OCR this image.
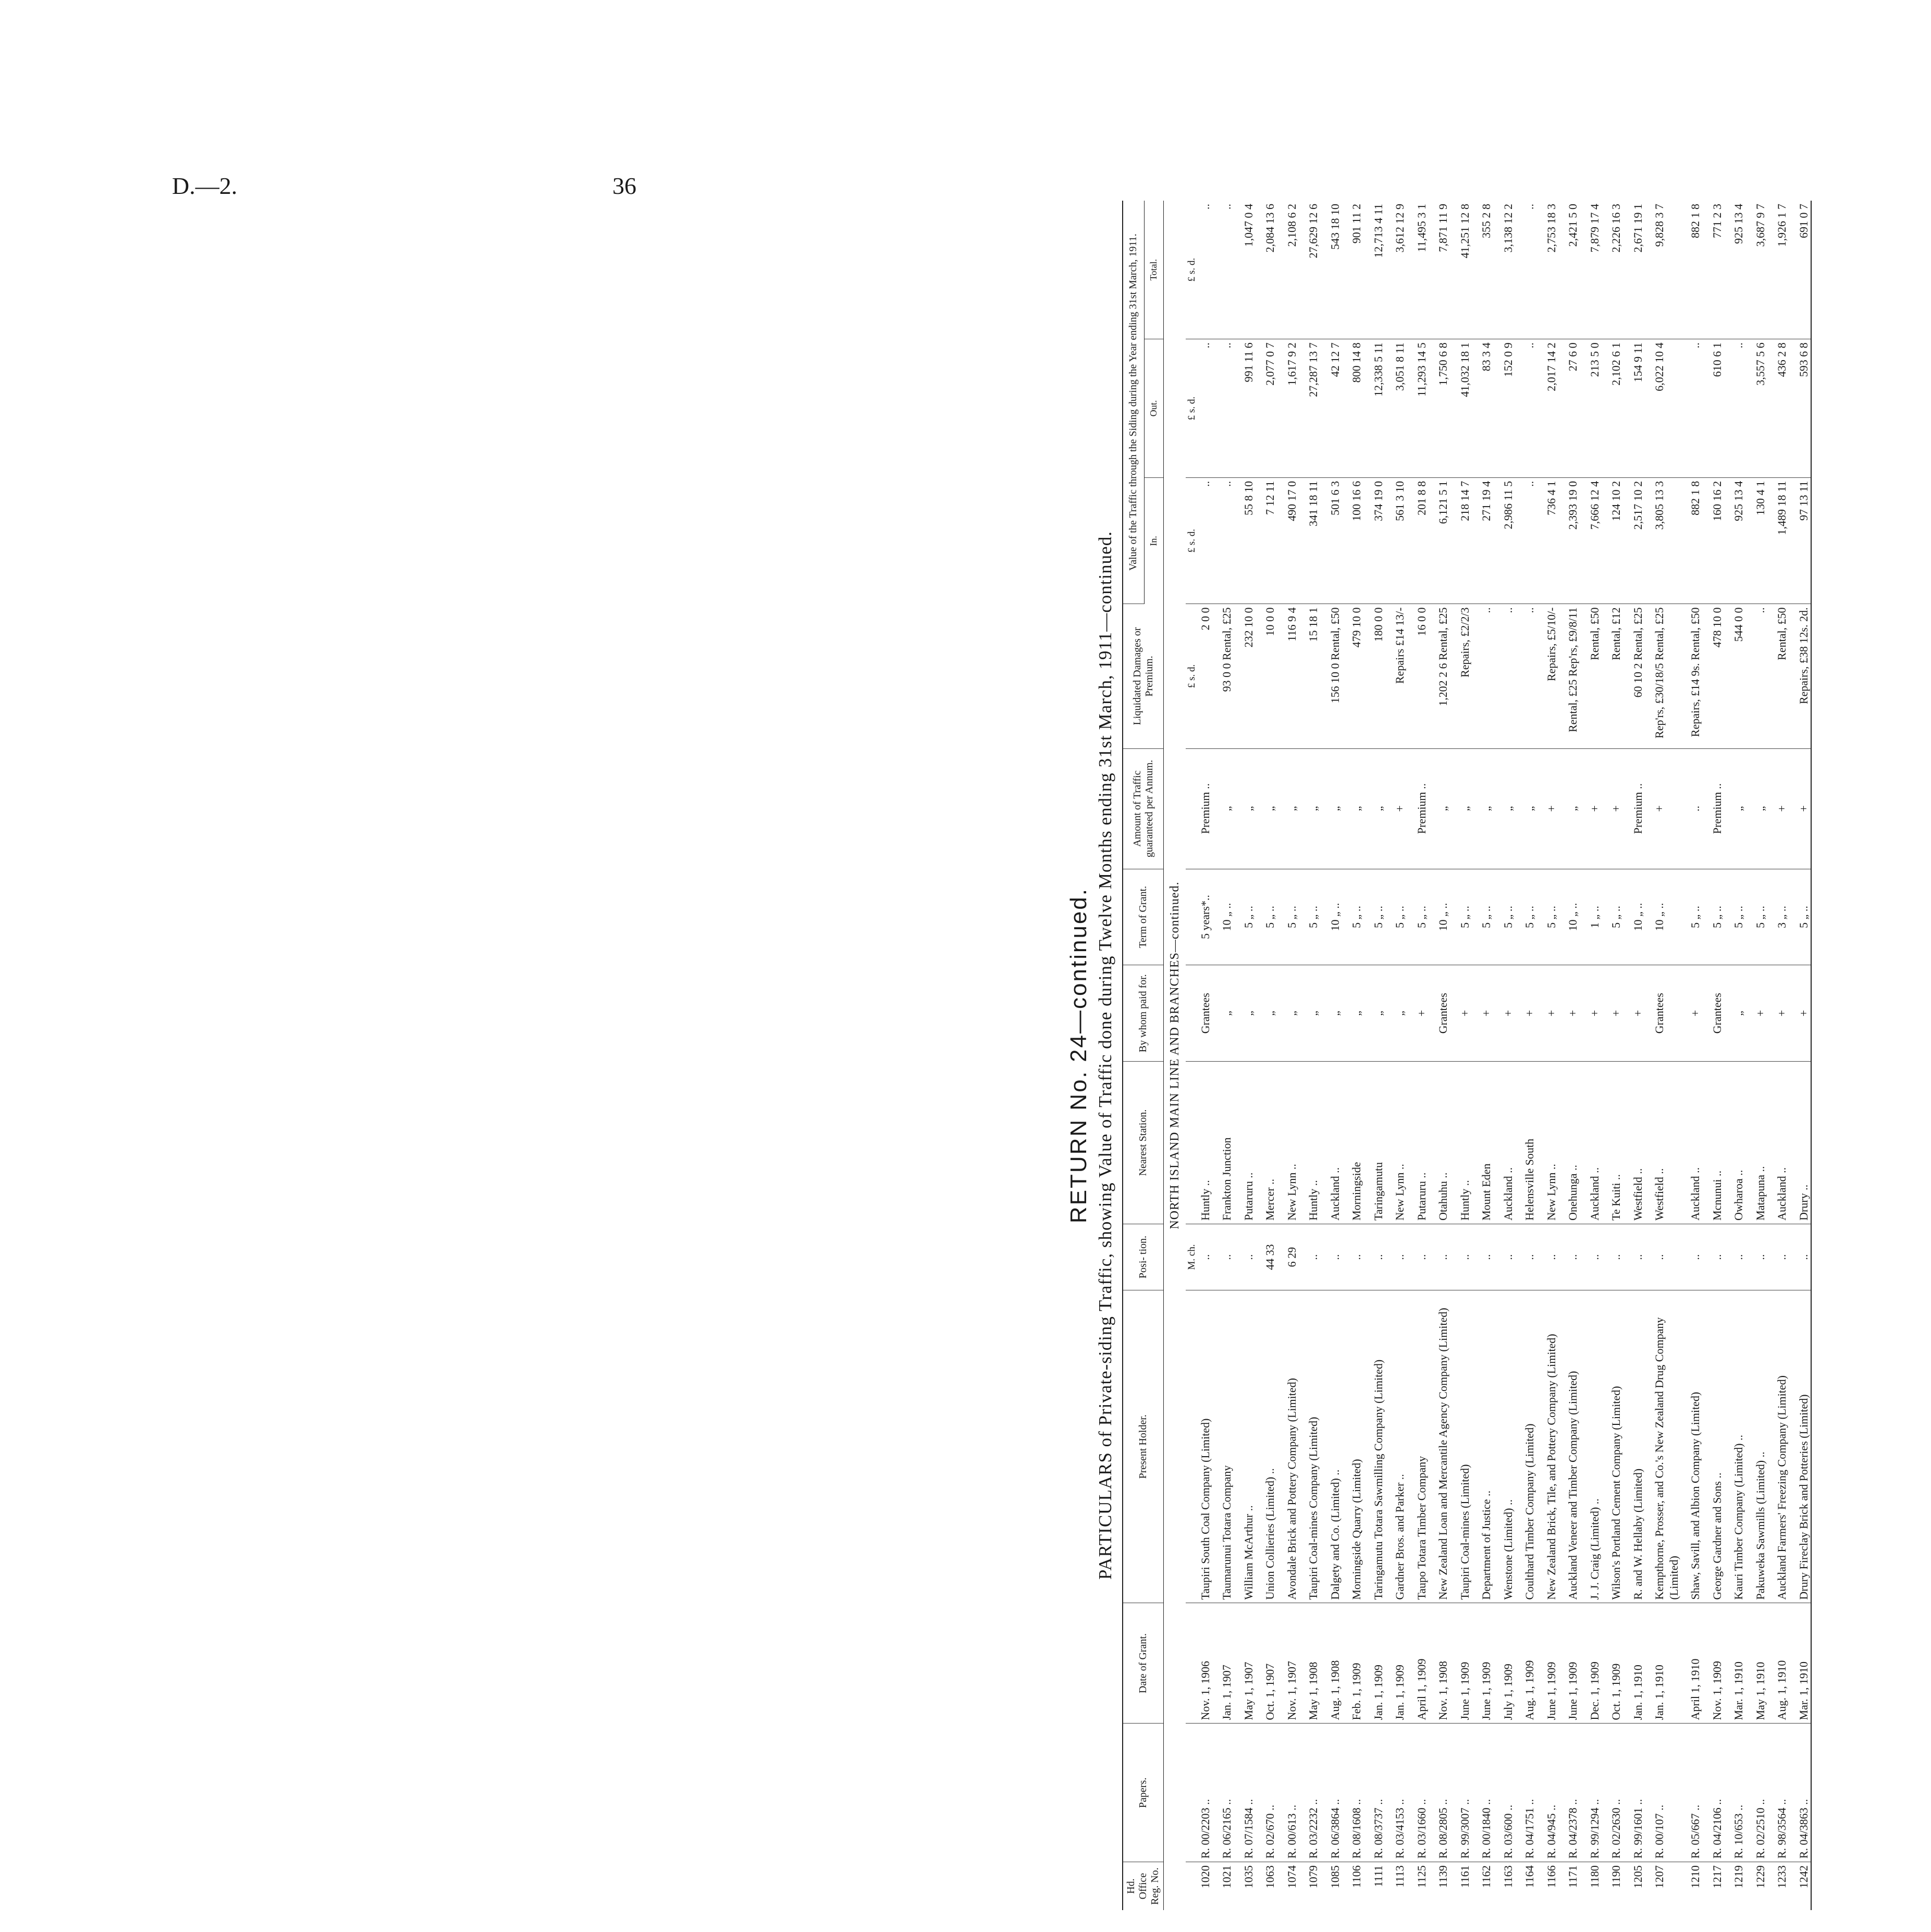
D.—2.	36

RETURN No. 24—continued. PARTICULARS of Private-siding Traffic, showing Value of Traffic done during Twelve Months ending 31st March, 1911—continued.

Hd. Office Reg. No.	Papers.	Date of Grant.	Present Holder.	Posi- tion.	Nearest Station.	By whom paid for.	Term of Grant.	Amount of Traffic guaranteed per Annum.	Liquidated Damages or Premium.	Value of the Traffic through the Siding during the Year ending 31st March, 1911.		
										In.	Out.	Total.
NORTH ISLAND MAIN LINE AND BRANCHES—continued.												
				M. ch.					£ s. d.	£ s. d.	£ s. d.	£ s. d.
1020	R. 00/2203 ..	Nov. 1, 1906	Taupiri South Coal Company (Limited)	..	Huntly ..	Grantees	5 years*..	Premium ..	2 0 0	..	..	..

1021	R. 06/2165 ..	Jan. 1, 1907	Taumarunui Totara Company	..	Frankton Junction	„	10 „ ..	„	93 0 0 Rental, £25	..	..	..

1035	R. 07/1584 ..	May 1, 1907	William McArthur ..	..	Putaruru ..	„	5 „ ..	„	232 10 0	55 8 10	991 11 6	1,047 0 4

1063	R. 02/670 ..	Oct. 1, 1907	Union Collieries (Limited) ..	44 33	Mercer ..	„	5 „ ..	„	10 0 0	7 12 11	2,077 0 7	2,084 13 6

1074	R. 00/613 ..	Nov. 1, 1907	Avondale Brick and Pottery Company (Limited)	6 29	New Lynn ..	„	5 „ ..	„	116 9 4	490 17 0	1,617 9 2	2,108 6 2

1079	R. 03/2232 ..	May 1, 1908	Taupiri Coal-mines Company (Limited)	..	Huntly ..	„	5 „ ..	„	15 18 1	341 18 11	27,287 13 7	27,629 12 6

1085	R. 06/3864 ..	Aug. 1, 1908	Dalgety and Co. (Limited) ..	..	Auckland ..	„	10 „ ..	„	156 10 0 Rental, £50	501 6 3	42 12 7	543 18 10

1106	R. 08/1608 ..	Feb. 1, 1909	Morningside Quarry (Limited)	..	Morningside	„	5 „ ..	„	479 10 0	100 16 6	800 14 8	901 11 2

1111	R. 08/3737 ..	Jan. 1, 1909	Taringamutu Totara Sawmilling Company (Limited)	..	Taringamutu	„	5 „ ..	„	180 0 0	374 19 0	12,338 5 11	12,713 4 11

1113	R. 03/4153 ..	Jan. 1, 1909	Gardner Bros. and Parker ..	..	New Lynn ..	„	5 „ ..	+	Repairs £14 13/-	561 3 10	3,051 8 11	3,612 12 9

1125	R. 03/1660 ..	April 1, 1909	Taupo Totara Timber Company	..	Putaruru ..	+	5 „ ..	Premium ..	16 0 0	201 8 8	11,293 14 5	11,495 3 1

1139	R. 08/2805 ..	Nov. 1, 1908	New Zealand Loan and Mercantile Agency Company (Limited)	..	Otahuhu ..	Grantees	10 „ ..	„	1,202 2 6 Rental, £25	6,121 5 1	1,750 6 8	7,871 11 9

1161	R. 99/3007 ..	June 1, 1909	Taupiri Coal-mines (Limited)	..	Huntly ..	+	5 „ ..	„	Repairs, £2/2/3	218 14 7	41,032 18 1	41,251 12 8

1162	R. 00/1840 ..	June 1, 1909	Department of Justice ..	..	Mount Eden	+	5 „ ..	„	..	271 19 4	83 3 4	355 2 8

1163	R. 03/600 ..	July 1, 1909	Wenstone (Limited) ..	..	Auckland ..	+	5 „ ..	„	..	2,986 11 5	152 0 9	3,138 12 2

1164	R. 04/1751 ..	Aug. 1, 1909	Coulthard Timber Company (Limited)	..	Helensville South	+	5 „ ..	„	..	..	..	..

1166	R. 04/945 ..	June 1, 1909	New Zealand Brick, Tile, and Pottery Company (Limited)	..	New Lynn ..	+	5 „ ..	+	Repairs, £5/10/-	736 4 1	2,017 14 2	2,753 18 3

1171	R. 04/2378 ..	June 1, 1909	Auckland Veneer and Timber Company (Limited)	..	Onehunga ..	+	10 „ ..	„	Rental, £25 Rep'rs, £9/8/11	2,393 19 0	27 6 0	2,421 5 0

1180	R. 99/1294 ..	Dec. 1, 1909	J. J. Craig (Limited) ..	..	Auckland ..	+	1 „ ..	+	Rental, £50	7,666 12 4	213 5 0	7,879 17 4

1190	R. 02/2630 ..	Oct. 1, 1909	Wilson's Portland Cement Company (Limited)	..	Te Kuiti ..	+	5 „ ..	+	Rental, £12	124 10 2	2,102 6 1	2,226 16 3

1205	R. 99/1601 ..	Jan. 1, 1910	R. and W. Hellaby (Limited)	..	Westfield ..	+	10 „ ..	Premium ..	60 10 2 Rental, £25	2,517 10 2	154 9 11	2,671 19 1

1207	R. 00/107 ..	Jan. 1, 1910	Kempthorne, Prosser, and Co.'s New Zealand Drug Company (Limited)	..	Westfield ..	Grantees	10 „ ..	+	Rep'rs, £30/18/5 Rental, £25	3,805 13 3	6,022 10 4	9,828 3 7

1210	R. 05/667 ..	April 1, 1910	Shaw, Savill, and Albion Company (Limited)	..	Auckland ..	+	5 „ ..	..	Repairs, £14 9s. Rental, £50	882 1 8	..	882 1 8

1217	R. 04/2106 ..	Nov. 1, 1909	George Gardner and Sons ..	..	Mcnunui ..	Grantees	5 „ ..	Premium ..	478 10 0	160 16 2	610 6 1	771 2 3

1219	R. 10/653 ..	Mar. 1, 1910	Kauri Timber Company (Limited) ..	..	Owharoa ..	„	5 „ ..	„	544 0 0	925 13 4	..	925 13 4

1229	R. 02/2510 ..	May 1, 1910	Pakuweka Sawmills (Limited) ..	..	Matapuna ..	+	5 „ ..	„	..	130 4 1	3,557 5 6	3,687 9 7

1233	R. 98/3564 ..	Aug. 1, 1910	Auckland Farmers' Freezing Company (Limited)	..	Auckland ..	+	3 „ ..	+	Rental, £50	1,489 18 11	436 2 8	1,926 1 7

1242	R. 04/3863 ..	Mar. 1, 1910	Drury Fireclay Brick and Potteries (Limited)	..	Drury ..	+	5 „ ..	+	Repairs, £38 12s. 2d.	97 13 11	593 6 8	691 0 7
